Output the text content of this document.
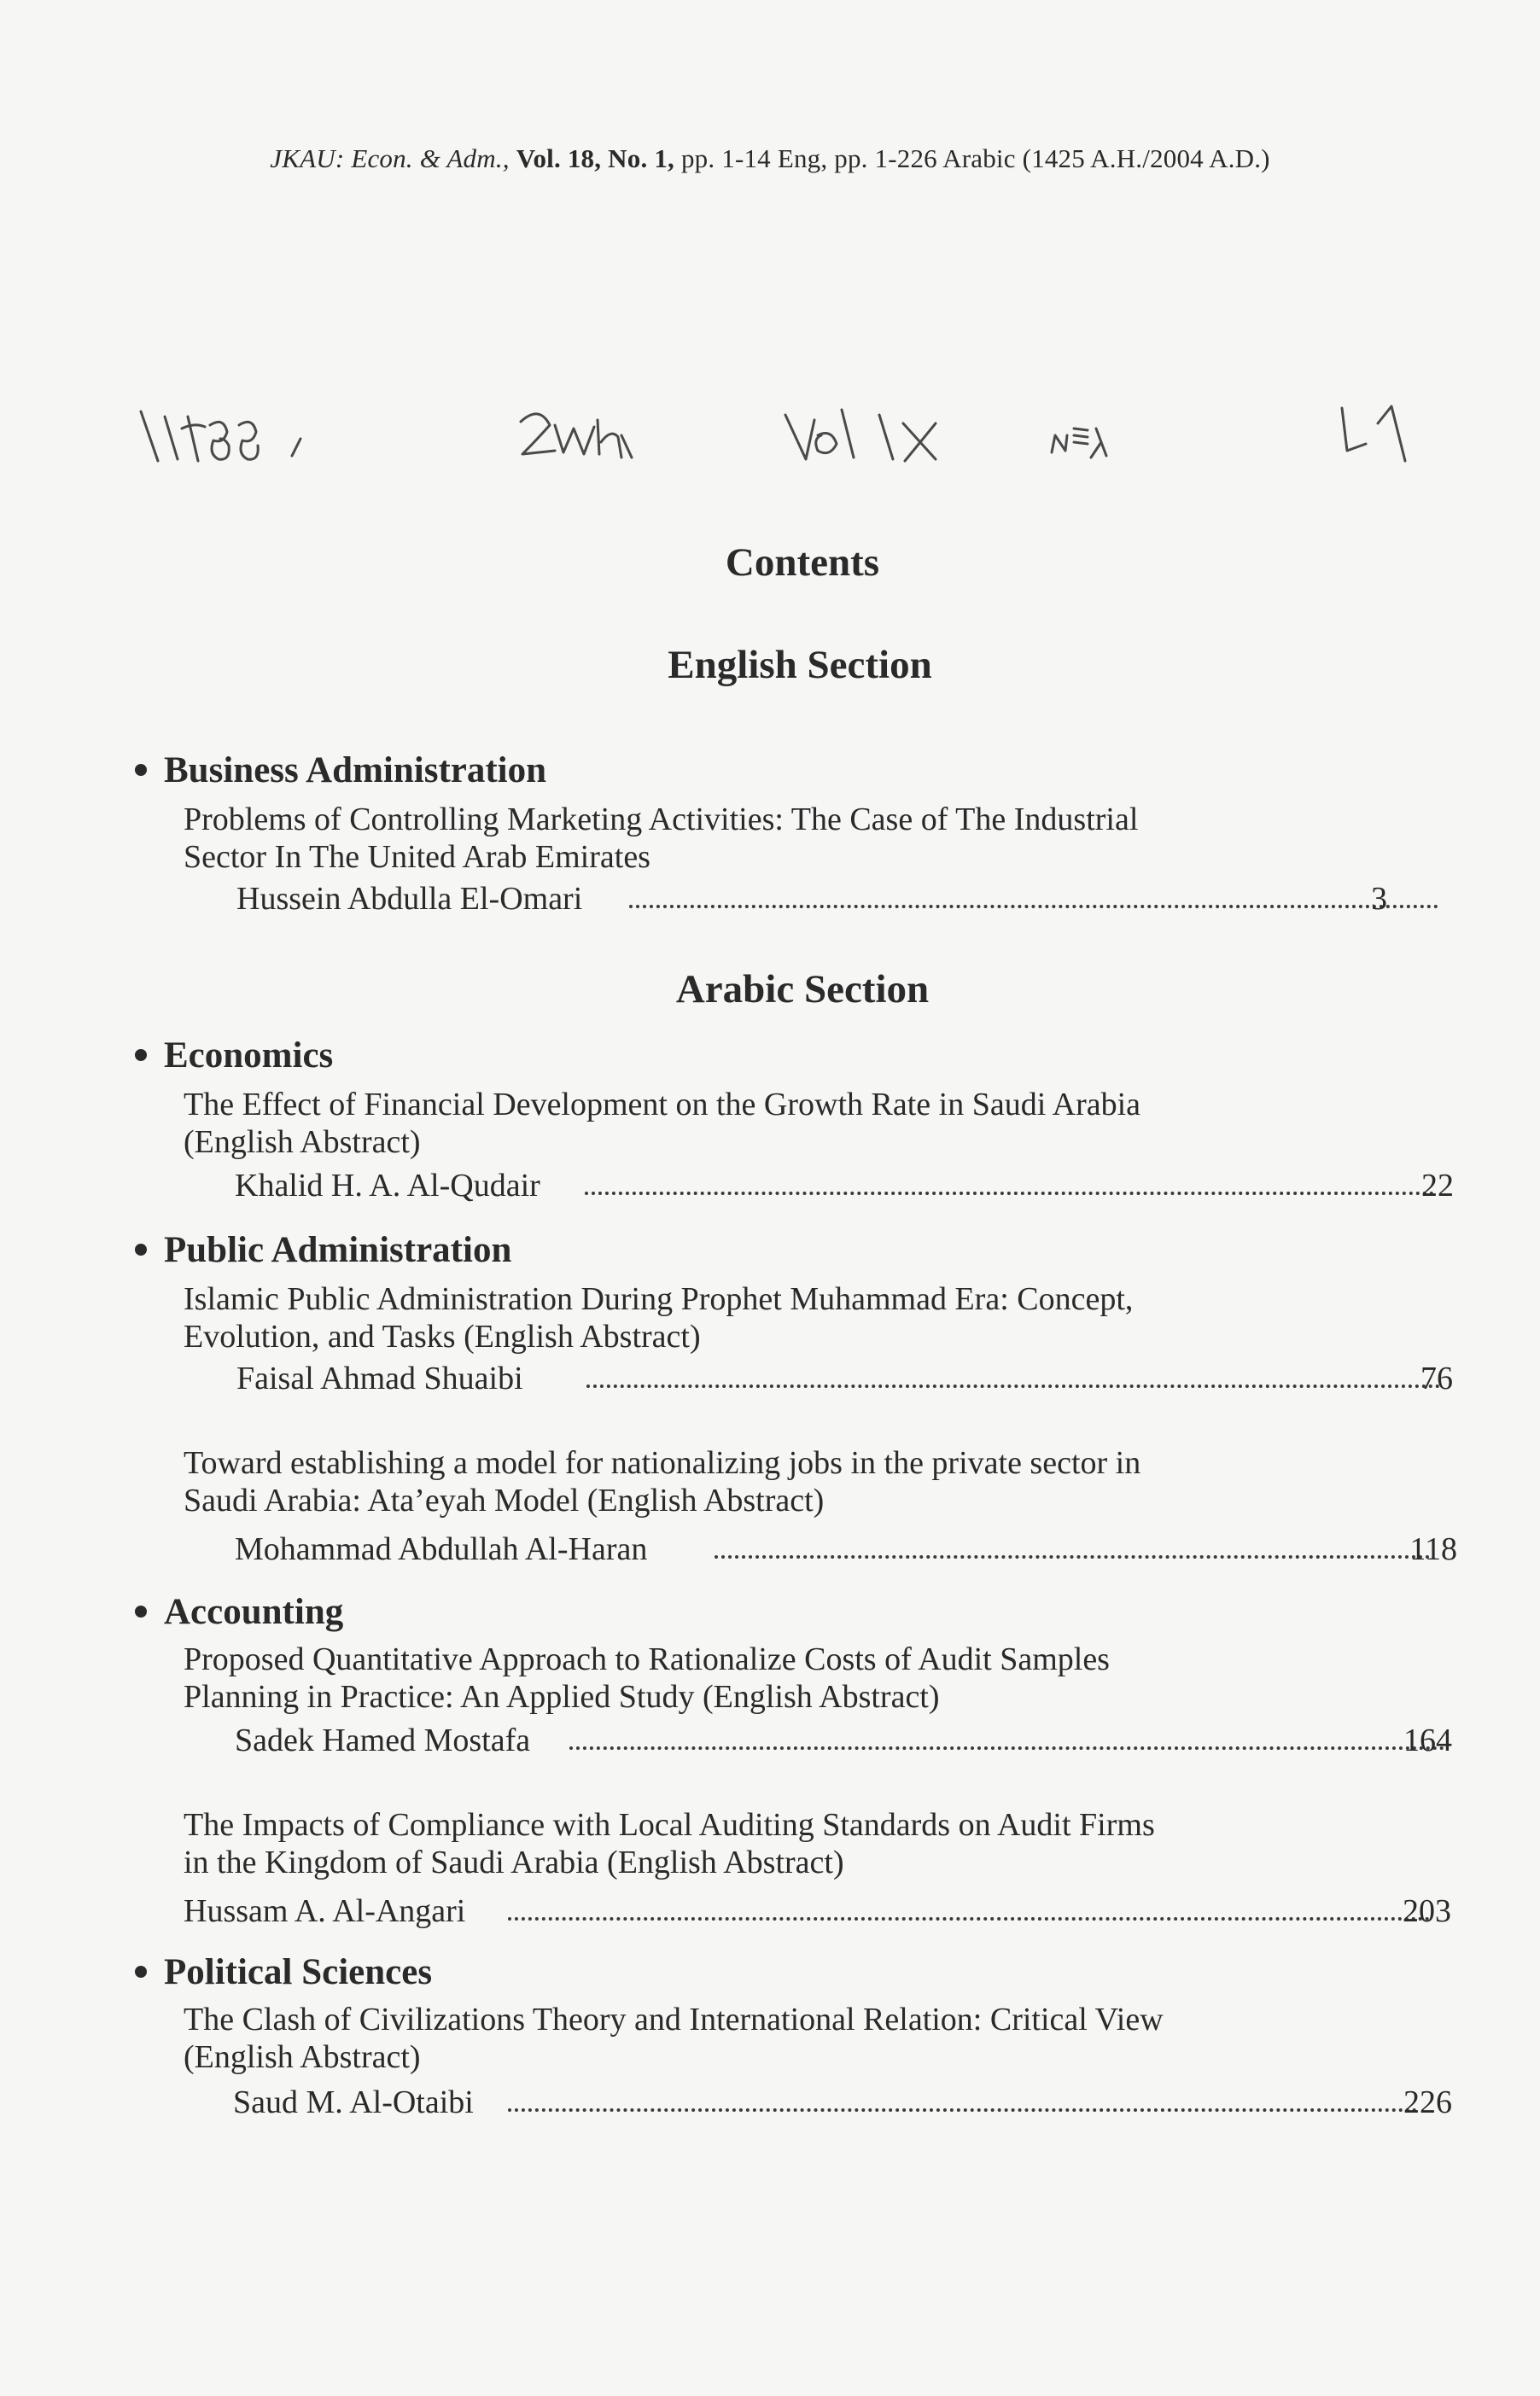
JKAU: Econ. & Adm., Vol. 18, No. 1, pp. 1-14 Eng, pp. 1-226 Arabic (1425 A.H./2004 A.D.)
Contents
English Section
Business Administration
Problems of Controlling Marketing Activities: The Case of The Industrial
Sector In The United Arab Emirates
Hussein Abdulla El-Omari	3
Arabic Section
Economics
The Effect of Financial Development on the Growth Rate in Saudi Arabia
(English Abstract)
Khalid H. A. Al-Qudair	22
Public Administration
Islamic Public Administration During Prophet Muhammad Era: Concept,
Evolution, and Tasks (English Abstract)
Faisal Ahmad Shuaibi	76
Toward establishing a model for nationalizing jobs in the private sector in
Saudi Arabia: Ata’eyah Model (English Abstract)
Mohammad Abdullah Al-Haran	118
Accounting
Proposed Quantitative Approach to Rationalize Costs of Audit Samples
Planning in Practice: An Applied Study (English Abstract)
Sadek Hamed Mostafa	164
The Impacts of Compliance with Local Auditing Standards on Audit Firms
in the Kingdom of Saudi Arabia (English Abstract)
Hussam A. Al-Angari	203
Political Sciences
The Clash of Civilizations Theory and International Relation: Critical View
(English Abstract)
Saud M. Al-Otaibi	226
